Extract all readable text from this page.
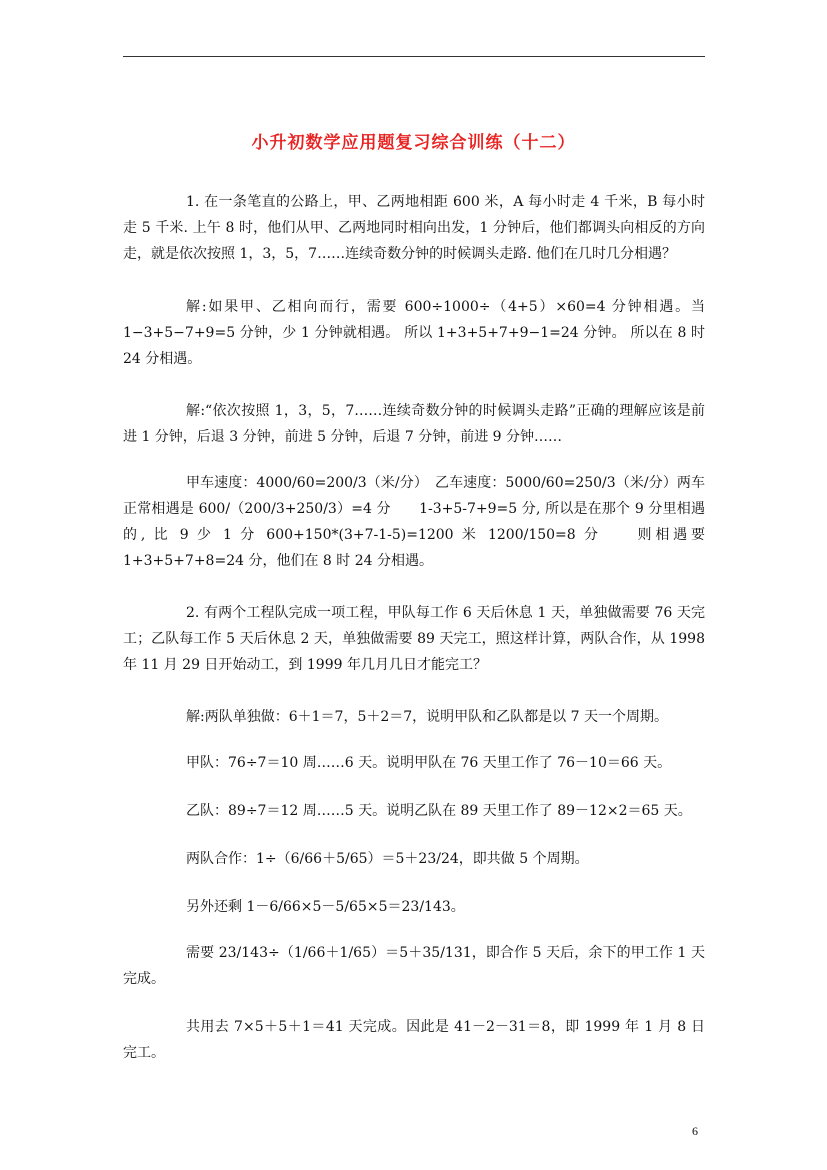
小升初数学应用题复习综合训练（十二）

1. 在一条笔直的公路上，甲、乙两地相距 600 米，A 每小时走 4 千米，B 每小时走 5 千米. 上午 8 时，他们从甲、乙两地同时相向出发，1 分钟后，他们都调头向相反的方向走，就是依次按照 1，3，5，7……连续奇数分钟的时候调头走路. 他们在几时几分相遇？

解:如果甲、乙相向而行，需要 600÷1000÷（4+5）×60=4 分钟相遇。当 1−3+5−7+9=5 分钟，少 1 分钟就相遇。 所以 1+3+5+7+9−1=24 分钟。 所以在 8 时 24 分相遇。

解:“依次按照 1，3，5，7……连续奇数分钟的时候调头走路”正确的理解应该是前进 1 分钟，后退 3 分钟，前进 5 分钟，后退 7 分钟，前进 9 分钟……

甲车速度：4000/60=200/3（米/分）　乙车速度：5000/60=250/3（米/分）两车正常相遇是 600/（200/3+250/3）=4 分　　1-3+5-7+9=5 分, 所以是在那个 9 分里相遇的, 比 9 少 1 分 600+150*(3+7-1-5)=1200 米 1200/150=8 分　　则相遇要 1+3+5+7+8=24 分，他们在 8 时 24 分相遇。

2. 有两个工程队完成一项工程，甲队每工作 6 天后休息 1 天，单独做需要 76 天完工；乙队每工作 5 天后休息 2 天，单独做需要 89 天完工，照这样计算，两队合作，从 1998 年 11 月 29 日开始动工，到 1999 年几月几日才能完工？

解:两队单独做：6＋1＝7，5＋2＝7，说明甲队和乙队都是以 7 天一个周期。

甲队：76÷7＝10 周……6 天。说明甲队在 76 天里工作了 76－10＝66 天。

乙队：89÷7＝12 周……5 天。说明乙队在 89 天里工作了 89－12×2＝65 天。

两队合作：1÷（6/66＋5/65）＝5＋23/24，即共做 5 个周期。

另外还剩 1－6/66×5－5/65×5＝23/143。

需要 23/143÷（1/66＋1/65）＝5＋35/131，即合作 5 天后，余下的甲工作 1 天完成。

共用去 7×5＋5＋1＝41 天完成。因此是 41－2－31＝8，即 1999 年 1 月 8 日完工。

6
